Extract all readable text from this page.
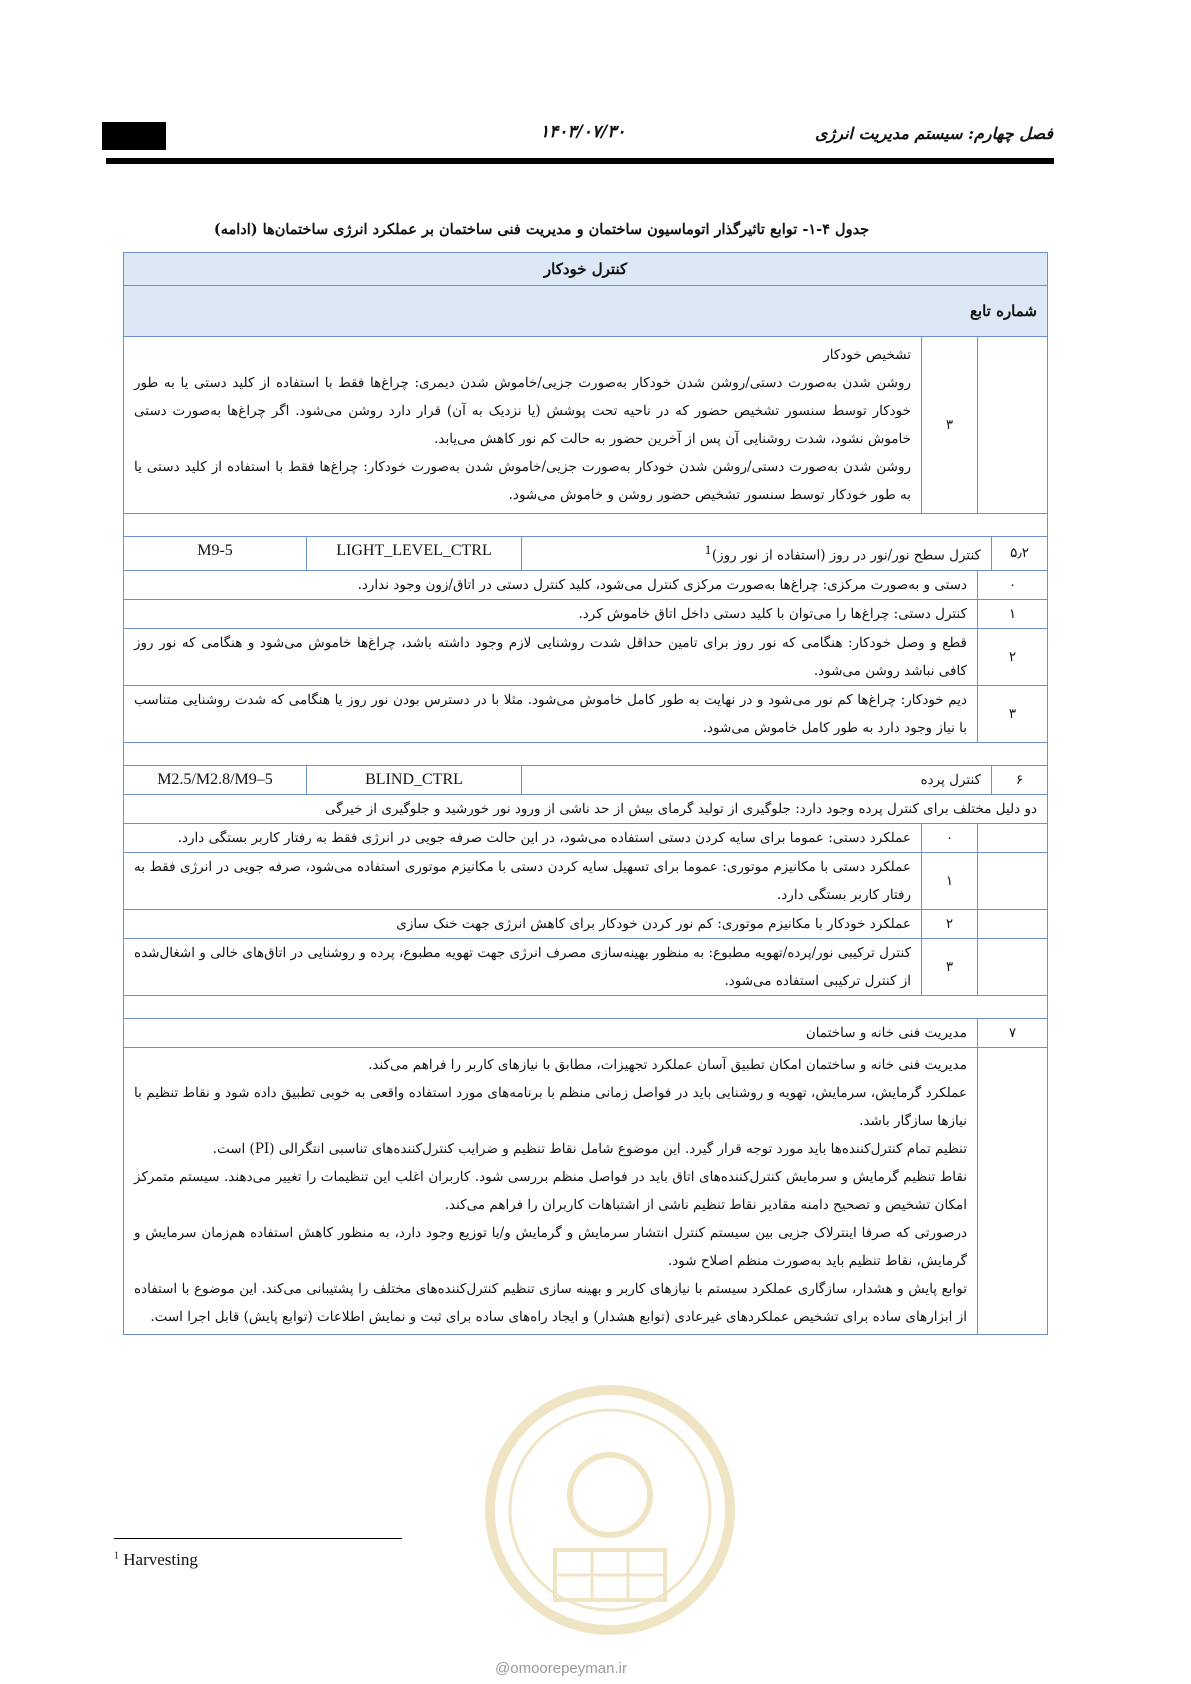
۱۴۰۳/۰۷/۳۰	فصل چهارم: سیستم مدیریت انرژی
جدول ۴-۱- توابع تاثیرگذار اتوماسیون ساختمان و مدیریت فنی ساختمان بر عملکرد انرژی ساختمان‌ها (ادامه)
کنترل خودکار
شماره تابع
۳

تشخیص خودکار

روشن شدن به‌صورت دستی/روشن شدن خودکار به‌صورت جزیی/خاموش شدن دیمری: چراغ‌ها فقط با استفاده از کلید دستی یا به طور خودکار توسط سنسور تشخیص حضور که در ناحیه تحت پوشش (یا نزدیک به آن) قرار دارد روشن می‌شود. اگر چراغ‌ها به‌صورت دستی خاموش نشود، شدت روشنایی آن پس از آخرین حضور به حالت کم نور کاهش می‌یابد.

روشن شدن به‌صورت دستی/روشن شدن خودکار به‌صورت جزیی/خاموش شدن به‌صورت خودکار: چراغ‌ها فقط با استفاده از کلید دستی یا به طور خودکار توسط سنسور تشخیص حضور روشن و خاموش می‌شود.

۵٫۲
کنترل سطح نور/نور در روز (استفاده از نور روز)$^1$
LIGHT_LEVEL_CTRL
M9-5
۰
دستی و به‌صورت مرکزی: چراغ‌ها به‌صورت مرکزی کنترل می‌شود، کلید کنترل دستی در اتاق/زون وجود ندارد.
۱
کنترل دستی: چراغ‌ها را می‌توان با کلید دستی داخل اتاق خاموش کرد.
۲
قطع و وصل خودکار: هنگامی که نور روز برای تامین حداقل شدت روشنایی لازم وجود داشته باشد، چراغ‌ها خاموش می‌شود و هنگامی که نور روز کافی نباشد روشن می‌شود.
۳
دیم خودکار: چراغ‌ها کم نور می‌شود و در نهایت به طور کامل خاموش می‌شود. مثلا با در دسترس بودن نور روز یا هنگامی که شدت روشنایی متناسب با نیاز وجود دارد به طور کامل خاموش می‌شود.
۶
کنترل پرده
BLIND_CTRL
M2.5/M2.8/M9–5
دو دلیل مختلف برای کنترل پرده وجود دارد: جلوگیری از تولید گرمای بیش از حد ناشی از ورود نور خورشید و جلوگیری از خیرگی
۰
عملکرد دستی: عموما برای سایه کردن دستی استفاده می‌شود، در این حالت صرفه جویی در انرژی فقط به رفتار کاربر بستگی دارد.
۱
عملکرد دستی با مکانیزم موتوری: عموما برای تسهیل سایه کردن دستی با مکانیزم موتوری استفاده می‌شود، صرفه جویی در انرژی فقط به رفتار کاربر بستگی دارد.
۲
عملکرد خودکار با مکانیزم موتوری: کم نور کردن خودکار برای کاهش انرژی جهت خنک سازی
۳
کنترل ترکیبی نور/پرده/تهویه مطبوع: به منظور بهینه‌سازی مصرف انرژی جهت تهویه مطبوع، پرده و روشنایی در اتاق‌های خالی و اشغال‌شده از کنترل ترکیبی استفاده می‌شود.
۷
مدیریت فنی خانه و ساختمان

مدیریت فنی خانه و ساختمان امکان تطبیق آسان عملکرد تجهیزات، مطابق با نیازهای کاربر را فراهم می‌کند.

عملکرد گرمایش، سرمایش، تهویه و روشنایی باید در فواصل زمانی منظم با برنامه‌های مورد استفاده واقعی به خوبی تطبیق داده شود و نقاط تنظیم با نیازها سازگار باشد.

تنظیم تمام کنترل‌کننده‌ها باید مورد توجه قرار گیرد. این موضوع شامل نقاط تنظیم و ضرایب کنترل‌کننده‌های تناسبی انتگرالی (PI) است.

نقاط تنظیم گرمایش و سرمایش کنترل‌کننده‌های اتاق باید در فواصل منظم بررسی شود. کاربران اغلب این تنظیمات را تغییر می‌دهند. سیستم متمرکز امکان تشخیص و تصحیح دامنه مقادیر نقاط تنظیم ناشی از اشتباهات کاربران را فراهم می‌کند.

درصورتی که صرفا اینترلاک جزیی بین سیستم کنترل انتشار سرمایش و گرمایش و/یا توزیع وجود دارد، به منظور کاهش استفاده هم‌زمان سرمایش و گرمایش، نقاط تنظیم باید به‌صورت منظم اصلاح شود.

توابع پایش و هشدار، سازگاری عملکرد سیستم با نیازهای کاربر و بهینه سازی تنظیم کنترل‌کننده‌های مختلف را پشتیبانی می‌کند. این موضوع با استفاده از ابزارهای ساده برای تشخیص عملکردهای غیرعادی (توابع هشدار) و ایجاد راه‌های ساده برای ثبت و نمایش اطلاعات (توابع پایش) قابل اجرا است.

@omoorepeyman.ir
$^1$ Harvesting
